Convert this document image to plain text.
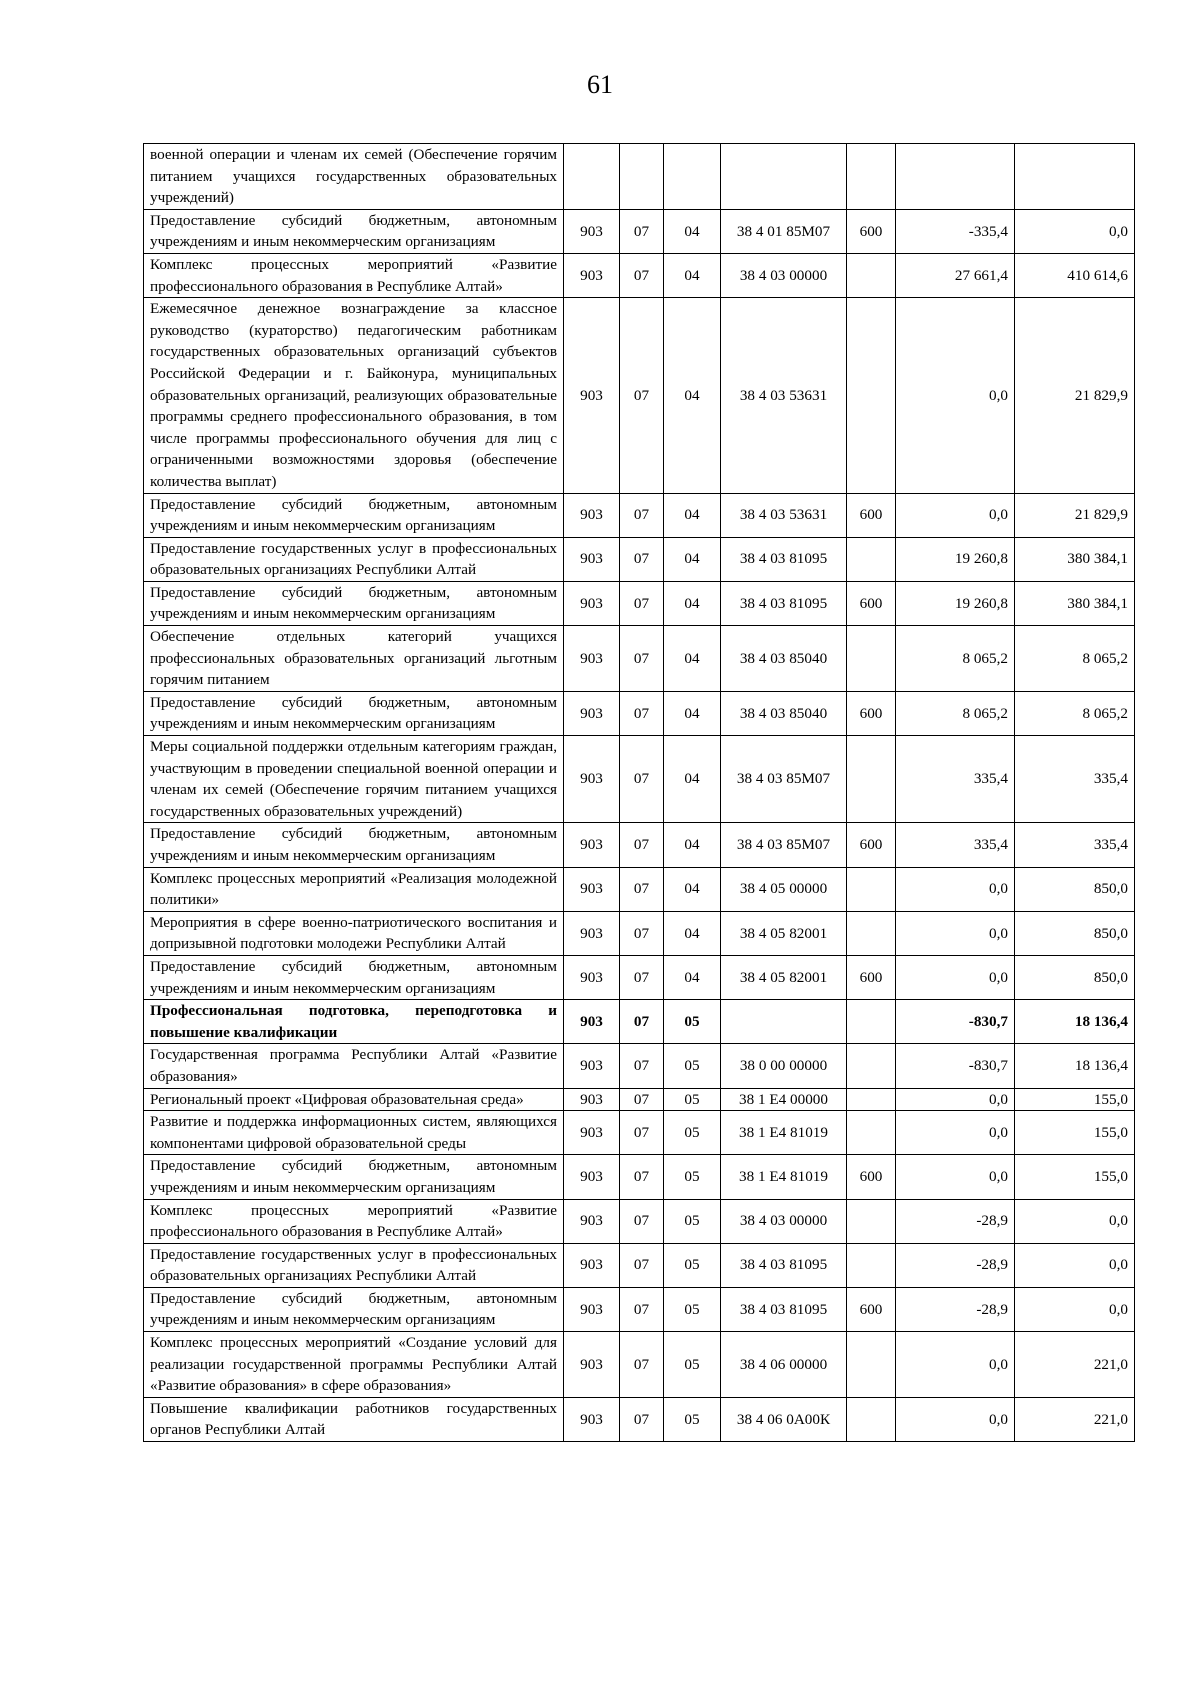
61
военной операции и членам их семей (Обеспечение горячим питанием учащихся государственных образовательных учреждений)							
Предоставление субсидий бюджетным, автономным учреждениям и иным некоммерческим организациям	903	07	04	38 4 01 85М07	600	-335,4	0,0
Комплекс процессных мероприятий «Развитие профессионального образования в Республике Алтай»	903	07	04	38 4 03 00000		27 661,4	410 614,6
Ежемесячное денежное вознаграждение за классное руководство (кураторство) педагогическим работникам государственных образовательных организаций субъектов Российской Федерации и г. Байконура, муниципальных образовательных организаций, реализующих образовательные программы среднего профессионального образования, в том числе программы профессионального обучения для лиц с ограниченными возможностями здоровья (обеспечение количества выплат)	903	07	04	38 4 03 53631		0,0	21 829,9
Предоставление субсидий бюджетным, автономным учреждениям и иным некоммерческим организациям	903	07	04	38 4 03 53631	600	0,0	21 829,9
Предоставление государственных услуг в профессиональных образовательных организациях Республики Алтай	903	07	04	38 4 03 81095		19 260,8	380 384,1
Предоставление субсидий бюджетным, автономным учреждениям и иным некоммерческим организациям	903	07	04	38 4 03 81095	600	19 260,8	380 384,1
Обеспечение отдельных категорий учащихся профессиональных образовательных организаций льготным горячим питанием	903	07	04	38 4 03 85040		8 065,2	8 065,2
Предоставление субсидий бюджетным, автономным учреждениям и иным некоммерческим организациям	903	07	04	38 4 03 85040	600	8 065,2	8 065,2
Меры социальной поддержки отдельным категориям граждан, участвующим в проведении специальной военной операции и членам их семей (Обеспечение горячим питанием учащихся государственных образовательных учреждений)	903	07	04	38 4 03 85М07		335,4	335,4
Предоставление субсидий бюджетным, автономным учреждениям и иным некоммерческим организациям	903	07	04	38 4 03 85М07	600	335,4	335,4
Комплекс процессных мероприятий «Реализация молодежной политики»	903	07	04	38 4 05 00000		0,0	850,0
Мероприятия в сфере военно-патриотического воспитания и допризывной подготовки молодежи Республики Алтай	903	07	04	38 4 05 82001		0,0	850,0
Предоставление субсидий бюджетным, автономным учреждениям и иным некоммерческим организациям	903	07	04	38 4 05 82001	600	0,0	850,0
Профессиональная подготовка, переподготовка и повышение квалификации	903	07	05			-830,7	18 136,4
Государственная программа Республики Алтай «Развитие образования»	903	07	05	38 0 00 00000		-830,7	18 136,4
Региональный проект «Цифровая образовательная среда»	903	07	05	38 1 Е4 00000		0,0	155,0
Развитие и поддержка информационных систем, являющихся компонентами цифровой образовательной среды	903	07	05	38 1 Е4 81019		0,0	155,0
Предоставление субсидий бюджетным, автономным учреждениям и иным некоммерческим организациям	903	07	05	38 1 Е4 81019	600	0,0	155,0
Комплекс процессных мероприятий «Развитие профессионального образования в Республике Алтай»	903	07	05	38 4 03 00000		-28,9	0,0
Предоставление государственных услуг в профессиональных образовательных организациях Республики Алтай	903	07	05	38 4 03 81095		-28,9	0,0
Предоставление субсидий бюджетным, автономным учреждениям и иным некоммерческим организациям	903	07	05	38 4 03 81095	600	-28,9	0,0
Комплекс процессных мероприятий «Создание условий для реализации государственной программы Республики Алтай «Развитие образования» в сфере образования»	903	07	05	38 4 06 00000		0,0	221,0
Повышение квалификации работников государственных органов Республики Алтай	903	07	05	38 4 06 0А00К		0,0	221,0
